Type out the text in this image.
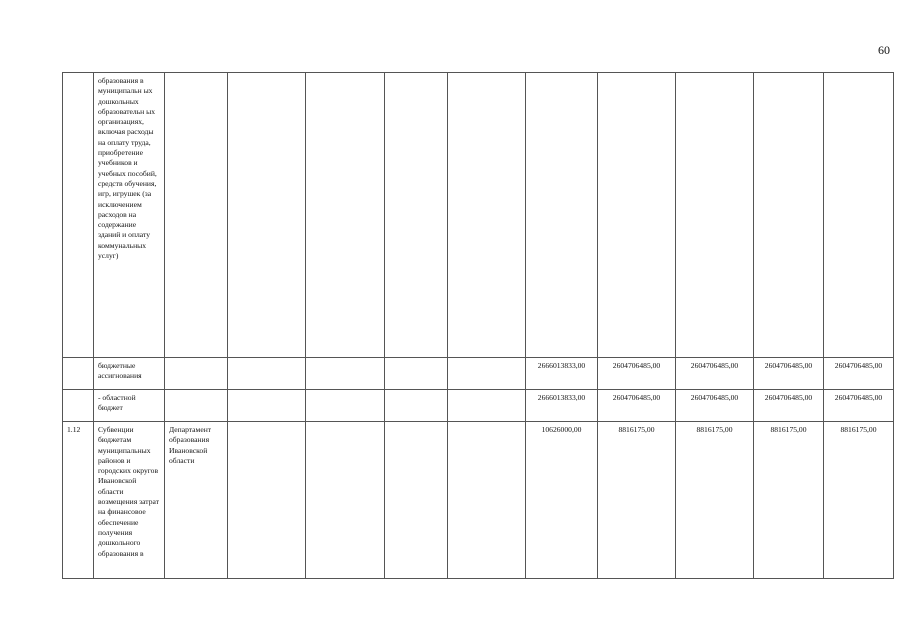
60
	образования в муниципальн ых дошкольных образовательн ых организациях, включая расходы на оплату труда, приобретение учебников и учебных пособий, средств обучения, игр, игрушек (за исключением расходов на содержание зданий и оплату коммунальных услуг)										
	бюджетные ассигнования						2666013833,00	2604706485,00	2604706485,00	2604706485,00	2604706485,00
	- областной бюджет						2666013833,00	2604706485,00	2604706485,00	2604706485,00	2604706485,00
1.12	Субвенции бюджетам муниципальных районов и городских округов Ивановской области возмещения затрат на финансовое обеспечение получения дошкольного образования в	Департамент образования Ивановской области					10626000,00	8816175,00	8816175,00	8816175,00	8816175,00
